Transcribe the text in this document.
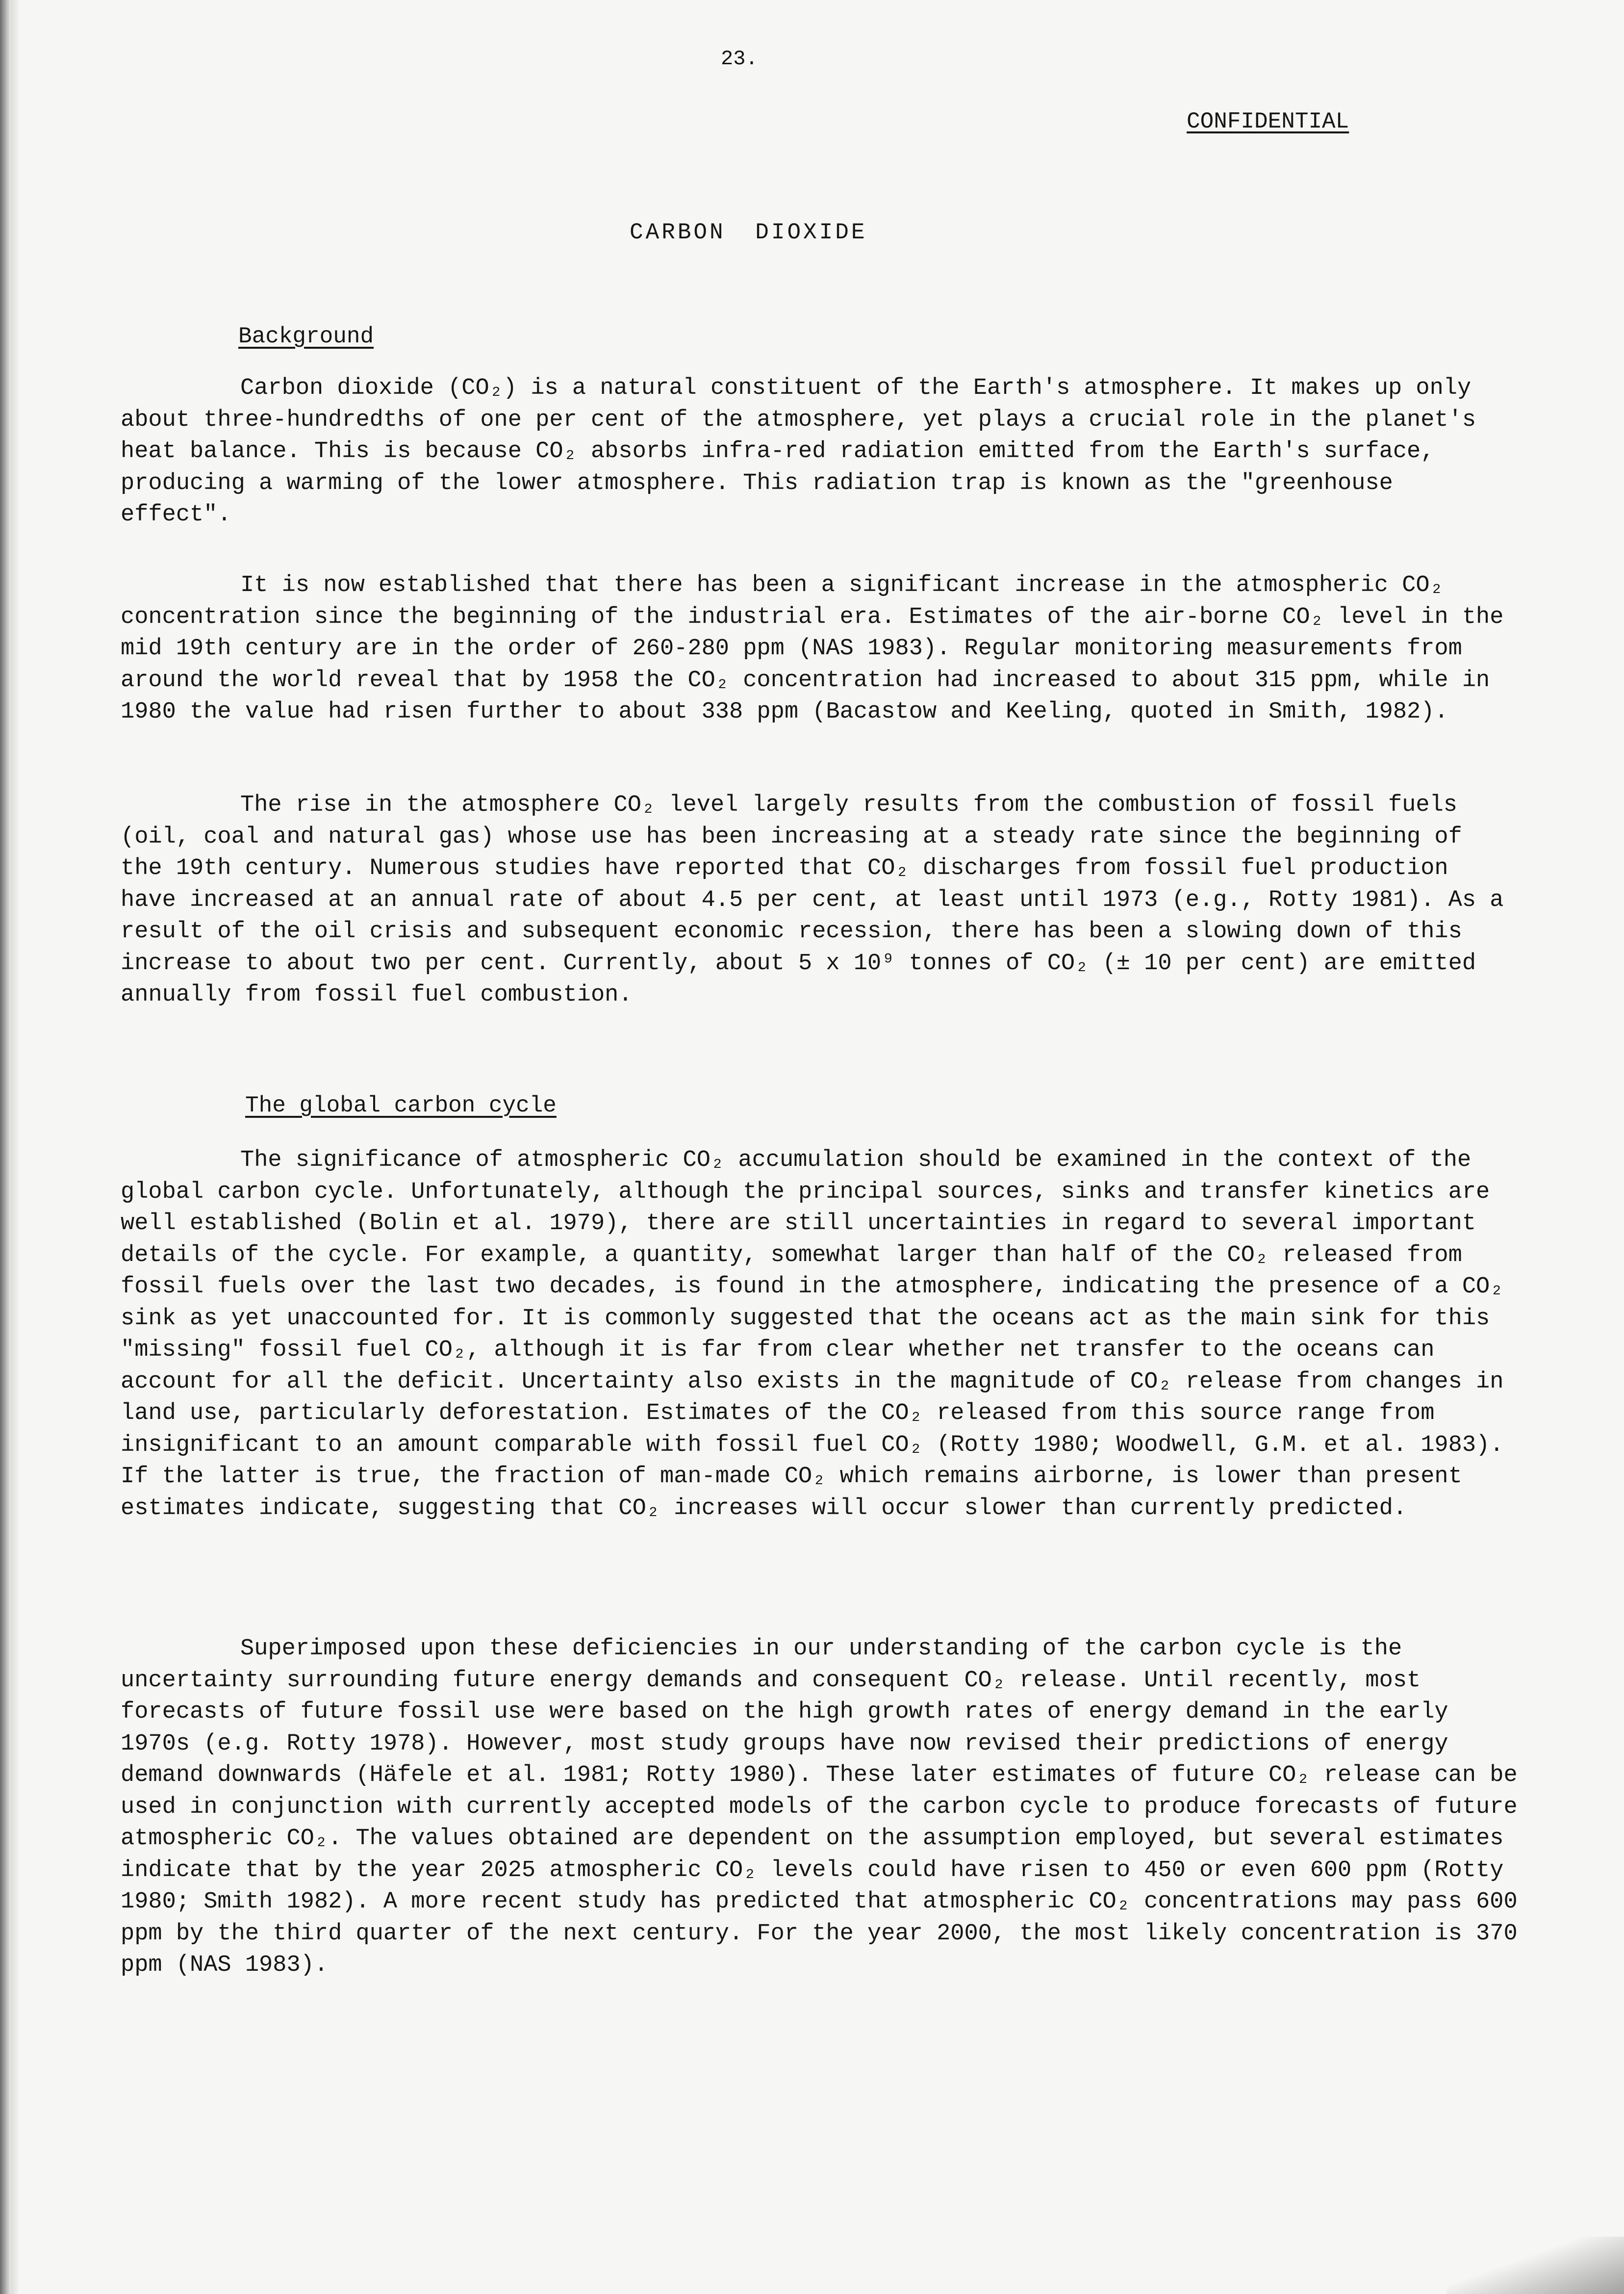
23.
CONFIDENTIAL
CARBON DIOXIDE
Background

Carbon dioxide (CO₂) is a natural constituent of the Earth's atmosphere. It makes up only about three-hundredths of one per cent of the atmosphere, yet plays a crucial role in the planet's heat balance. This is because CO₂ absorbs infra-red radiation emitted from the Earth's surface, producing a warming of the lower atmosphere. This radiation trap is known as the "greenhouse effect".

It is now established that there has been a significant increase in the atmospheric CO₂ concentration since the beginning of the industrial era. Estimates of the air-borne CO₂ level in the mid 19th century are in the order of 260-280 ppm (NAS 1983). Regular monitoring measurements from around the world reveal that by 1958 the CO₂ concentration had increased to about 315 ppm, while in 1980 the value had risen further to about 338 ppm (Bacastow and Keeling, quoted in Smith, 1982).

The rise in the atmosphere CO₂ level largely results from the combustion of fossil fuels (oil, coal and natural gas) whose use has been increasing at a steady rate since the beginning of the 19th century. Numerous studies have reported that CO₂ discharges from fossil fuel production have increased at an annual rate of about 4.5 per cent, at least until 1973 (e.g., Rotty 1981). As a result of the oil crisis and subsequent economic recession, there has been a slowing down of this increase to about two per cent. Currently, about 5 x 10⁹ tonnes of CO₂ (± 10 per cent) are emitted annually from fossil fuel combustion.

The global carbon cycle

The significance of atmospheric CO₂ accumulation should be examined in the context of the global carbon cycle. Unfortunately, although the principal sources, sinks and transfer kinetics are well established (Bolin et al. 1979), there are still uncertainties in regard to several important details of the cycle. For example, a quantity, somewhat larger than half of the CO₂ released from fossil fuels over the last two decades, is found in the atmosphere, indicating the presence of a CO₂ sink as yet unaccounted for. It is commonly suggested that the oceans act as the main sink for this "missing" fossil fuel CO₂, although it is far from clear whether net transfer to the oceans can account for all the deficit. Uncertainty also exists in the magnitude of CO₂ release from changes in land use, particularly deforestation. Estimates of the CO₂ released from this source range from insignificant to an amount comparable with fossil fuel CO₂ (Rotty 1980; Woodwell, G.M. et al. 1983). If the latter is true, the fraction of man-made CO₂ which remains airborne, is lower than present estimates indicate, suggesting that CO₂ increases will occur slower than currently predicted.

Superimposed upon these deficiencies in our understanding of the carbon cycle is the uncertainty surrounding future energy demands and consequent CO₂ release. Until recently, most forecasts of future fossil use were based on the high growth rates of energy demand in the early 1970s (e.g. Rotty 1978). However, most study groups have now revised their predictions of energy demand downwards (Häfele et al. 1981; Rotty 1980). These later estimates of future CO₂ release can be used in conjunction with currently accepted models of the carbon cycle to produce forecasts of future atmospheric CO₂. The values obtained are dependent on the assumption employed, but several estimates indicate that by the year 2025 atmospheric CO₂ levels could have risen to 450 or even 600 ppm (Rotty 1980; Smith 1982). A more recent study has predicted that atmospheric CO₂ concentrations may pass 600 ppm by the third quarter of the next century. For the year 2000, the most likely concentration is 370 ppm (NAS 1983).
